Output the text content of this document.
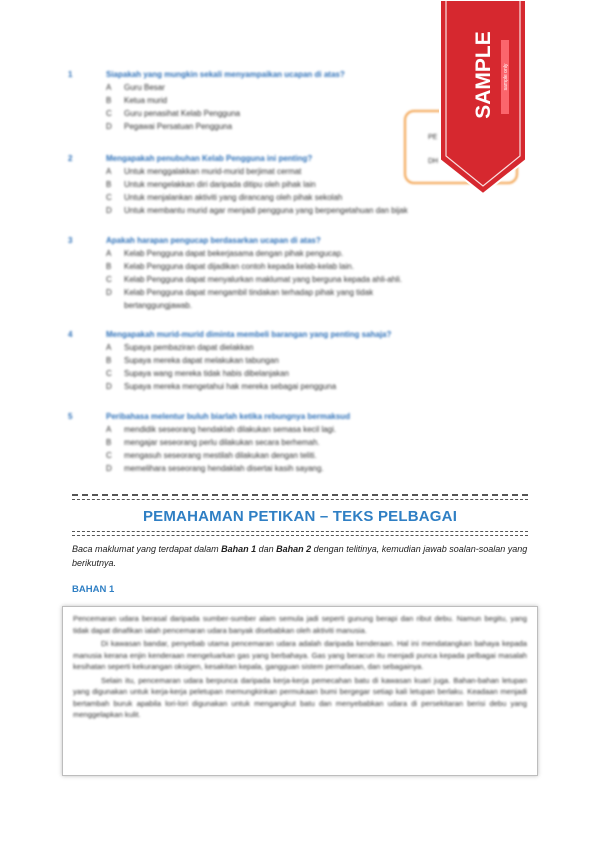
1	Siapakah yang mungkin sekali menyampaikan ucapan di atas?
A Guru Besar
B Ketua murid
C Guru penasihat Kelab Pengguna
D Pegawai Persatuan Pengguna
2	Mengapakah penubuhan Kelab Pengguna ini penting?
A Untuk menggalakkan murid-murid berjimat cermat
B Untuk mengelakkan diri daripada ditipu oleh pihak lain
C Untuk menjalankan aktiviti yang dirancang oleh pihak sekolah
D Untuk membantu murid agar menjadi pengguna yang berpengetahuan dan bijak
3	Apakah harapan pengucap berdasarkan ucapan di atas?
A Kelab Pengguna dapat bekerjasama dengan pihak pengucap.
B Kelab Pengguna dapat dijadikan contoh kepada kelab-kelab lain.
C Kelab Pengguna dapat menyalurkan maklumat yang berguna kepada ahli-ahli.
D Kelab Pengguna dapat mengambil tindakan terhadap pihak yang tidak bertanggungjawab.
4	Mengapakah murid-murid diminta membeli barangan yang penting sahaja?
A Supaya pembaziran dapat dielakkan
B Supaya mereka dapat melakukan tabungan
C Supaya wang mereka tidak habis dibelanjakan
D Supaya mereka mengetahui hak mereka sebagai pengguna
5	Peribahasa melentur buluh biarlah ketika rebungnya bermaksud
A mendidik seseorang hendaklah dilakukan semasa kecil lagi.
B mengajar seseorang perlu dilakukan secara berhemah.
C mengasuh seseorang mestilah dilakukan dengan teliti.
D memelihara seseorang hendaklah disertai kasih sayang.
PE
DH
SAMPLE sample only
PEMAHAMAN PETIKAN – TEKS PELBAGAI
Baca maklumat yang terdapat dalam Bahan 1 dan Bahan 2 dengan telitinya, kemudian jawab soalan-soalan yang berikutnya.
BAHAN 1

Pencemaran udara berasal daripada sumber-sumber alam semula jadi seperti gunung berapi dan ribut debu. Namun begitu, yang tidak dapat dinafikan ialah pencemaran udara banyak disebabkan oleh aktiviti manusia.

Di kawasan bandar, penyebab utama pencemaran udara adalah daripada kenderaan. Hal ini mendatangkan bahaya kepada manusia kerana enjin kenderaan mengeluarkan gas yang berbahaya. Gas yang beracun itu menjadi punca kepada pelbagai masalah kesihatan seperti kekurangan oksigen, kesakitan kepala, gangguan sistem pernafasan, dan sebagainya.

Selain itu, pencemaran udara berpunca daripada kerja-kerja pemecahan batu di kawasan kuari juga. Bahan-bahan letupan yang digunakan untuk kerja-kerja peletupan memungkinkan permukaan bumi bergegar setiap kali letupan berlaku. Keadaan menjadi bertambah buruk apabila lori-lori digunakan untuk mengangkut batu dan menyebabkan udara di persekitaran berisi debu yang menggelapkan kulit.
